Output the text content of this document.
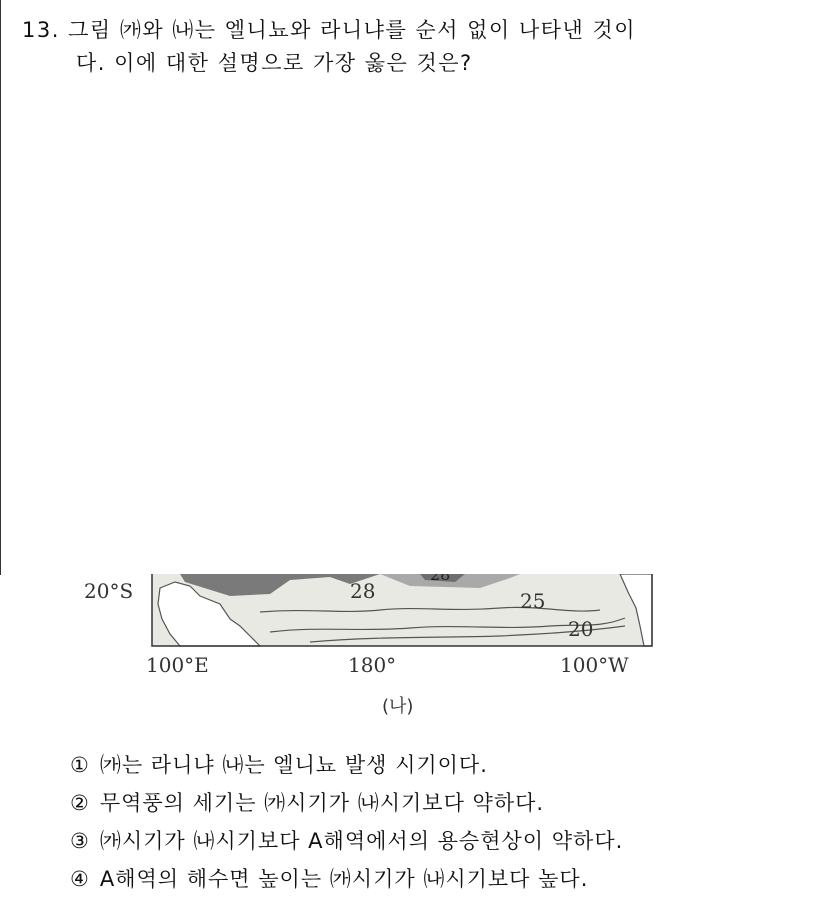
13. 그림 ㈎와 ㈏는 엘니뇨와 라니냐를 순서 없이 나타낸 것이
다. 이에 대한 설명으로 가장 옳은 것은?
20°S	28
28
25
20
100°E	180°	100°W
(나)
① ㈎는 라니냐 ㈏는 엘니뇨 발생 시기이다.
② 무역풍의 세기는 ㈎시기가 ㈏시기보다 약하다.
③ ㈎시기가 ㈏시기보다 A해역에서의 용승현상이 약하다.
④ A해역의 해수면 높이는 ㈎시기가 ㈏시기보다 높다.
